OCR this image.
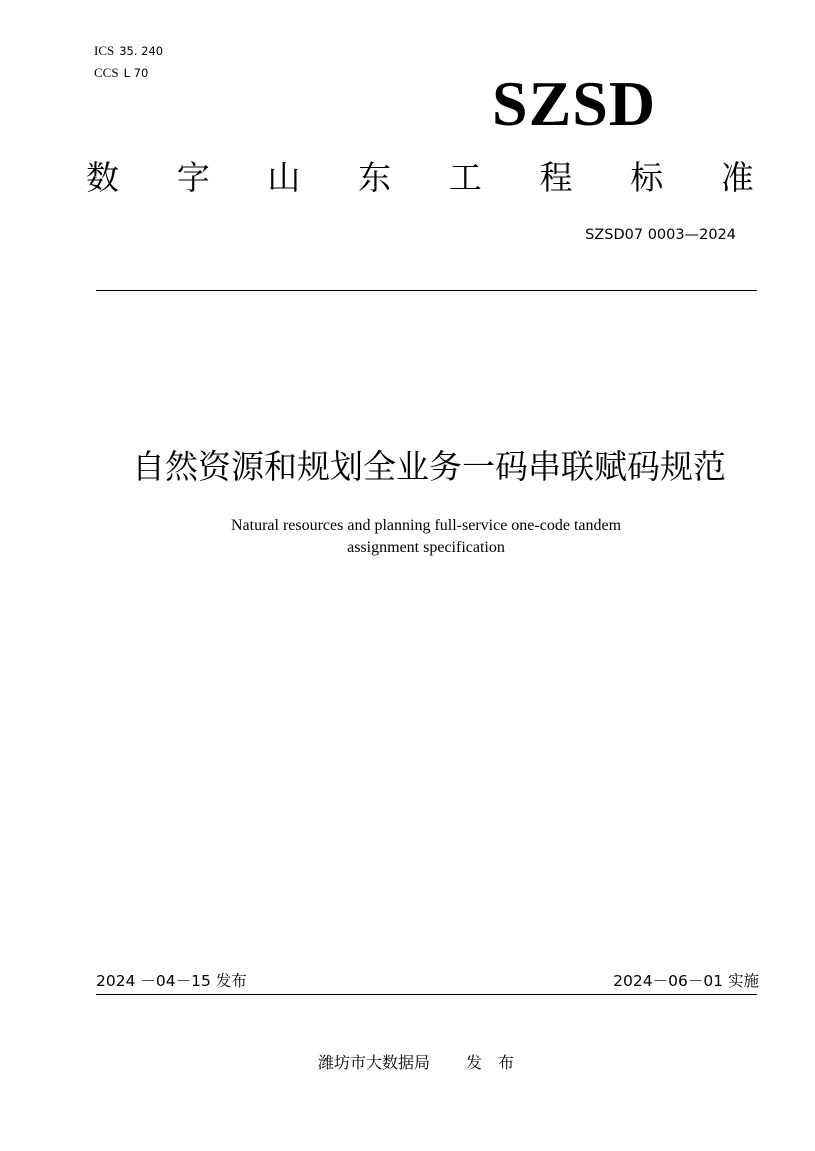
ICS 35. 240
CCS L 70	SZSD
数 字 山 东 工 程 标 准
SZSD07 0003—2024
自然资源和规划全业务一码串联赋码规范
Natural resources and planning full-service one-code tandem
assignment specification
2024 －04－15 发布	2024－06－01 实施
潍坊市大数据局 发 布
